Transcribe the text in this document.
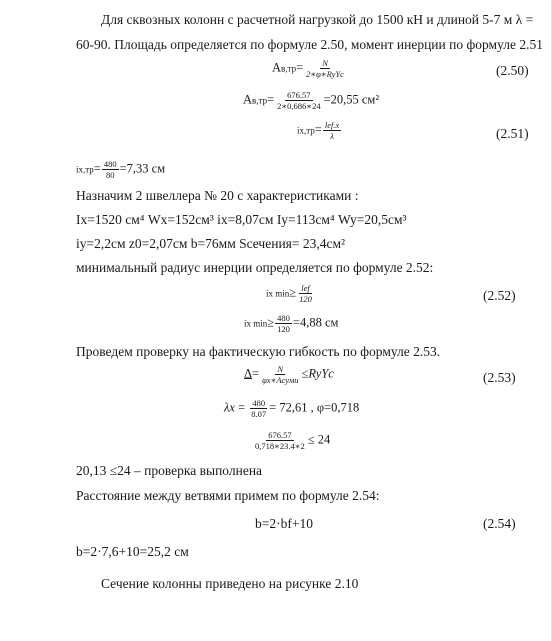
Для сквозных колонн с расчетной нагрузкой до 1500 кН и длиной 5-7 м λ =
60-90. Площадь определяется по формуле 2.50, момент инерции по формуле 2.51
$Aв,тр= \frac{N}{\text{2∗φ∗RyYc}}$	(2.50)
$Aв,тр= \frac{676.57}{2∗0,686∗24} =20,55$ см²
$ix,тр= \frac{\text{lef.x}}{\lambda}$	(2.51)
$ix,тр= \frac{480}{80} =7,33$ см
Назначим 2 швеллера № 20 с характеристиками :
Ix=1520 см⁴ Wx=152см³ ix=8,07см Iy=113см⁴ Wy=20,5см³
iy=2,2см z0=2,07см b=76мм Sсечения= 23,4см²
минимальный радиус инерции определяется по формуле 2.52:
ix $\min\ge \frac{\text{lef}}{120}$	(2.52)
ix $\min\ge \frac{480}{120} =4,88$ см
Проведем проверку на фактическую гибкость по формуле 2.53.
$\Delta= \frac{N}{\text{φx∗Aсуми}}$ ≤RyYc	(2.53)
$\lambda x = \frac{480}{8.07} = 72,61$ , φ=0,718
$\frac{676.57}{0,718∗23.4∗2} \le 24$
20,13 ≤24 – проверка выполнена
Расстояние между ветвями примем по формуле 2.54:
b=2·bf+10	(2.54)
b=2·7,6+10=25,2 см
Сечение колонны приведено на рисунке 2.10
